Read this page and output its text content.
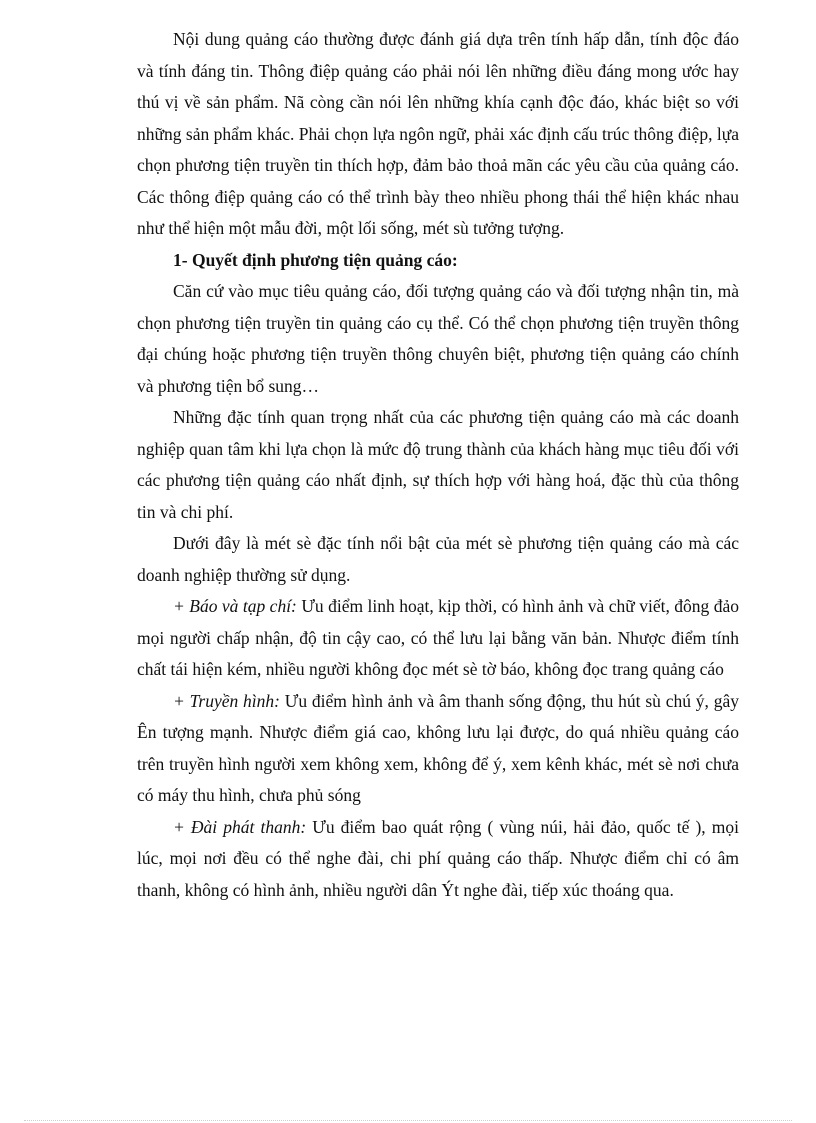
Nội dung quảng cáo thường được đánh giá dựa trên tính hấp dẫn, tính độc đáo và tính đáng tin. Thông điệp quảng cáo phải nói lên những điều đáng mong ước hay thú vị về sản phẩm. Nã còng cần nói lên những khía cạnh độc đáo, khác biệt so với những sản phẩm khác. Phải chọn lựa ngôn ngữ, phải xác định cấu trúc thông điệp, lựa chọn phương tiện truyền tin thích hợp, đảm bảo thoả mãn các yêu cầu của quảng cáo. Các thông điệp quảng cáo có thể trình bày theo nhiều phong thái thể hiện khác nhau như thể hiện một mẫu đời, một lối sống, mét sù tưởng tượng.

1- Quyết định phương tiện quảng cáo:

Căn cứ vào mục tiêu quảng cáo, đối tượng quảng cáo và đối tượng nhận tin, mà chọn phương tiện truyền tin quảng cáo cụ thể. Có thể chọn phương tiện truyền thông đại chúng hoặc phương tiện truyền thông chuyên biệt, phương tiện quảng cáo chính và phương tiện bổ sung…

Những đặc tính quan trọng nhất của các phương tiện quảng cáo mà các doanh nghiệp quan tâm khi lựa chọn là mức độ trung thành của khách hàng mục tiêu đối với các phương tiện quảng cáo nhất định, sự thích hợp với hàng hoá, đặc thù của thông tin và chi phí.

Dưới đây là mét sè đặc tính nổi bật của mét sè phương tiện quảng cáo mà các doanh nghiệp thường sử dụng.

+ Báo và tạp chí: Ưu điểm linh hoạt, kịp thời, có hình ảnh và chữ viết, đông đảo mọi người chấp nhận, độ tin cậy cao, có thể lưu lại bằng văn bản. Nhược điểm tính chất tái hiện kém, nhiều người không đọc mét sè tờ báo, không đọc trang quảng cáo

+ Truyền hình: Ưu điểm hình ảnh và âm thanh sống động, thu hút sù chú ý, gây Ên tượng mạnh. Nhược điểm giá cao, không lưu lại được, do quá nhiều quảng cáo trên truyền hình người xem không xem, không để ý, xem kênh khác, mét sè nơi chưa có máy thu hình, chưa phủ sóng

+ Đài phát thanh: Ưu điểm bao quát rộng ( vùng núi, hải đảo, quốc tế ), mọi lúc, mọi nơi đều có thể nghe đài, chi phí quảng cáo thấp. Nhược điểm chỉ có âm thanh, không có hình ảnh, nhiều người dân Ýt nghe đài, tiếp xúc thoáng qua.
